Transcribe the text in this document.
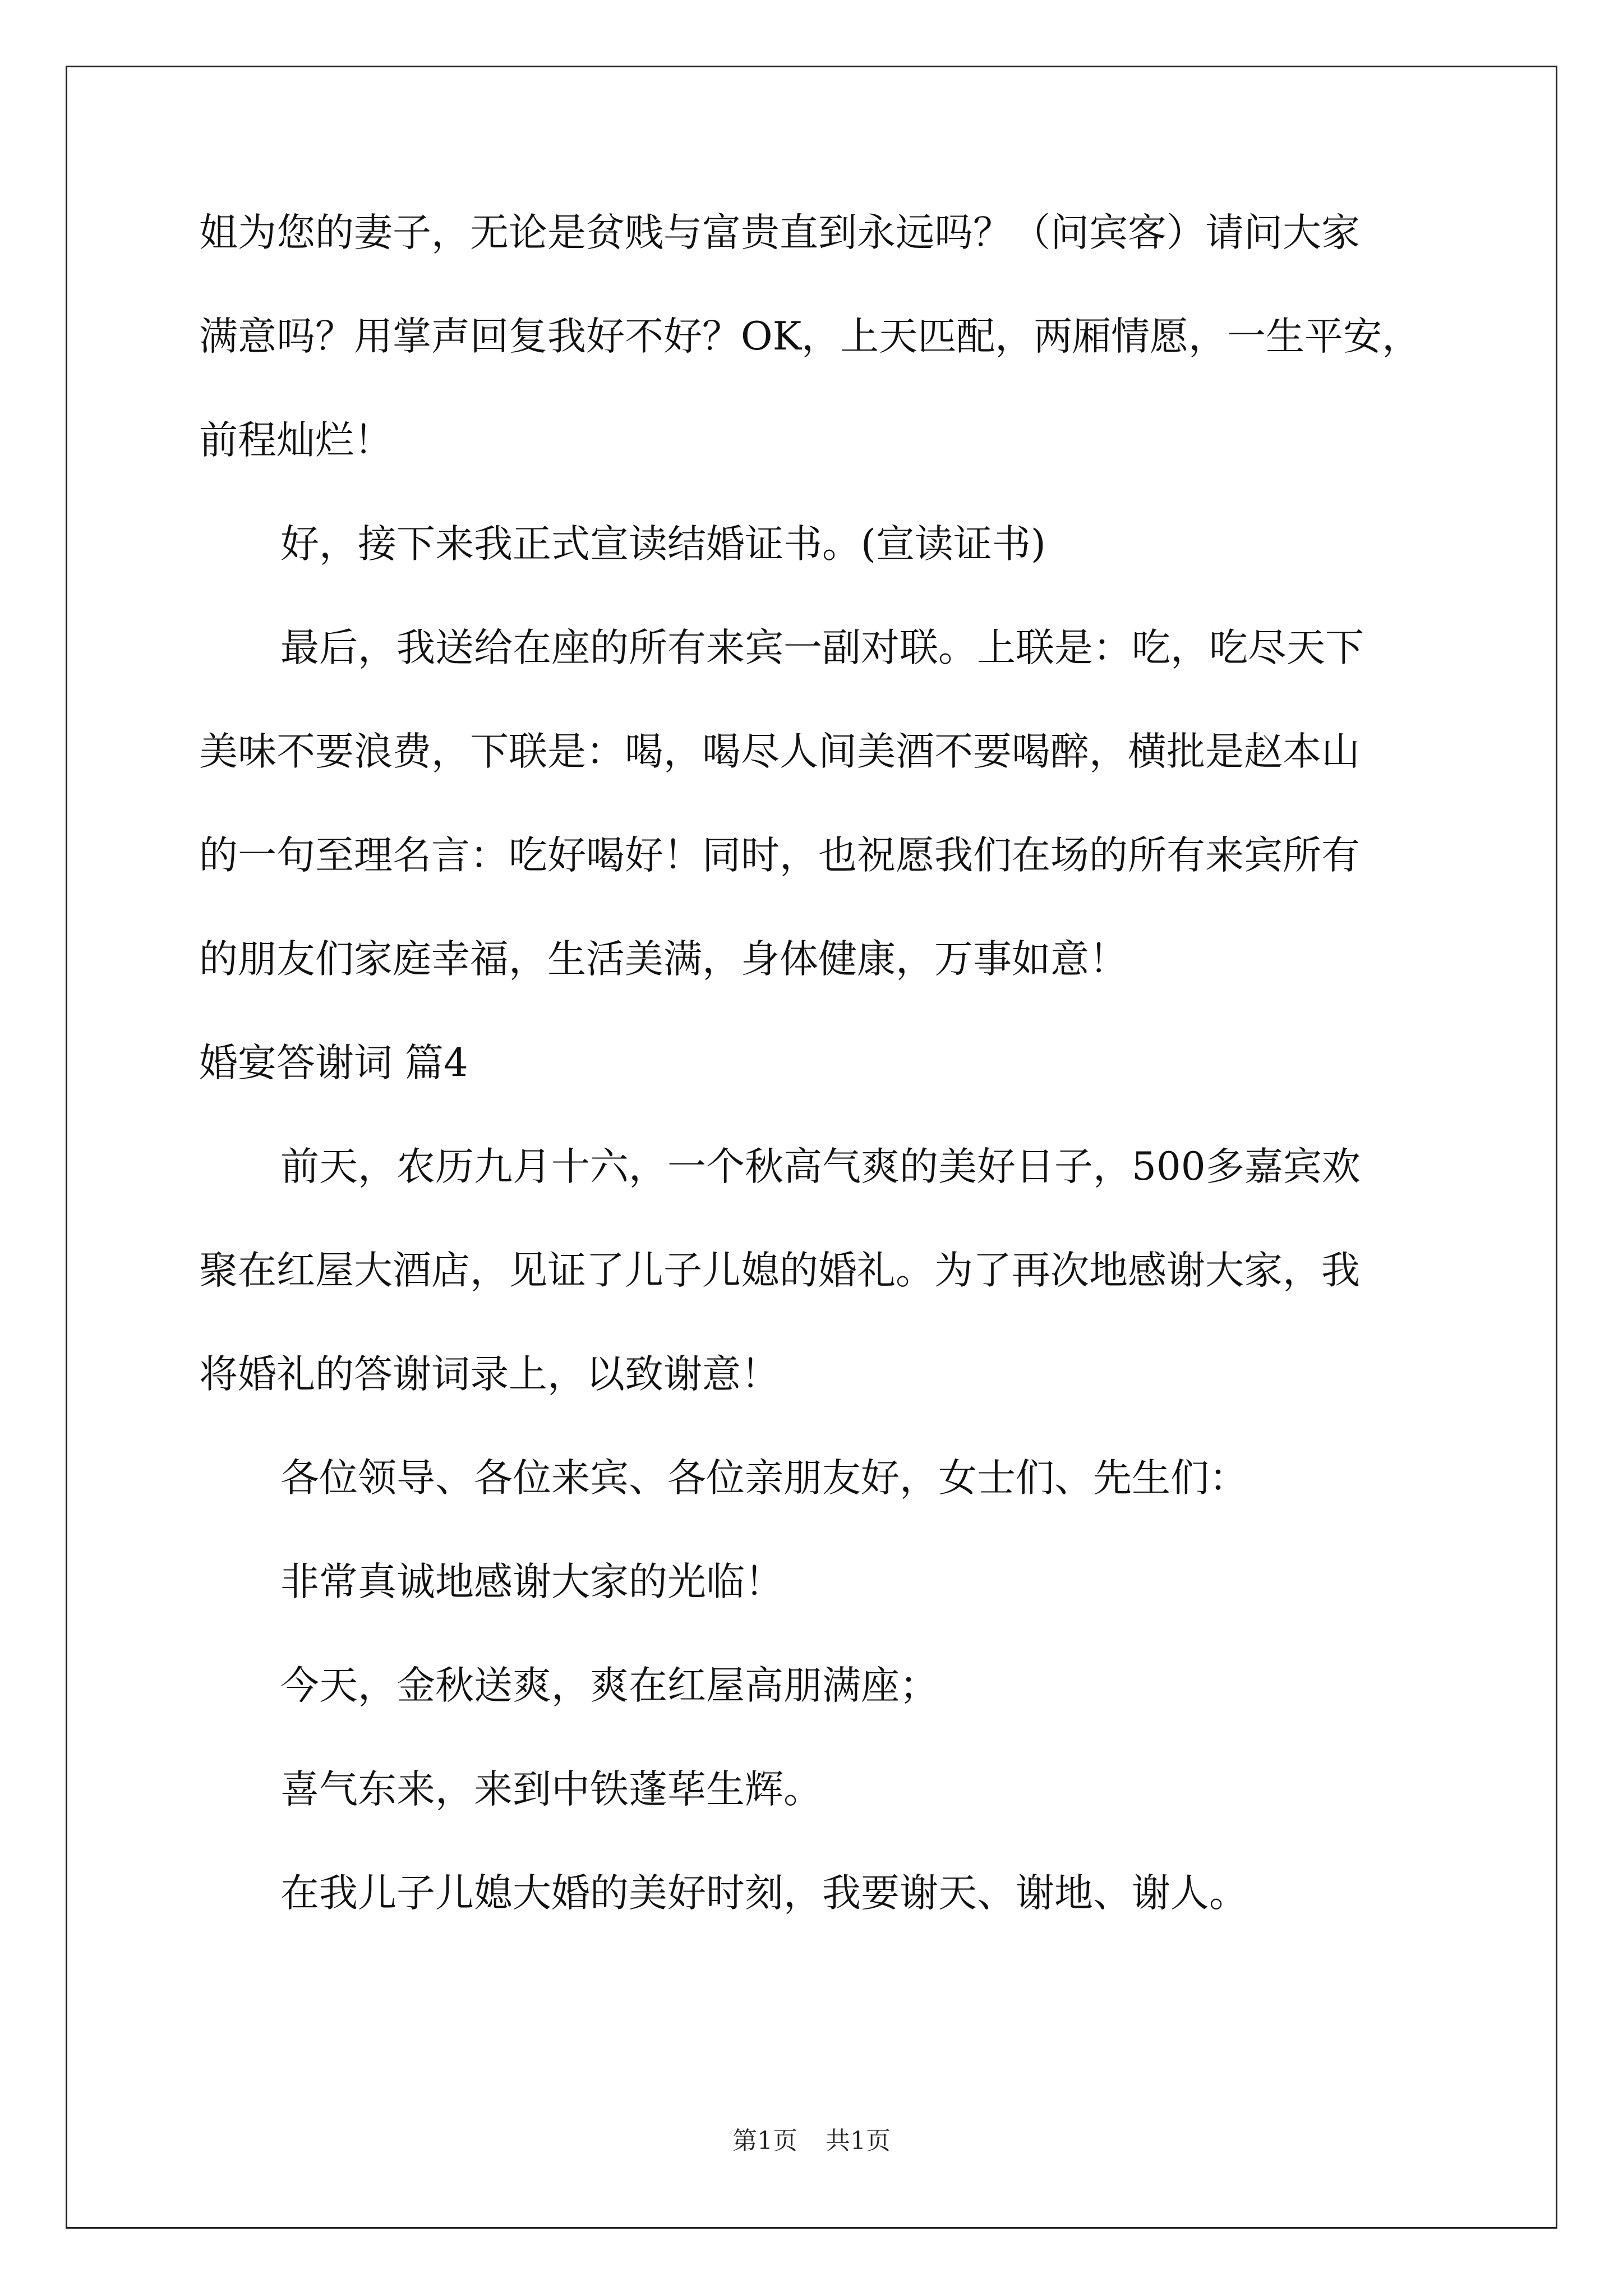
姐为您的妻子，无论是贫贱与富贵直到永远吗？（问宾客）请问大家
满意吗？用掌声回复我好不好？OK，上天匹配，两厢情愿，一生平安，
前程灿烂！
好，接下来我正式宣读结婚证书。(宣读证书)
最后，我送给在座的所有来宾一副对联。上联是：吃，吃尽天下
美味不要浪费，下联是：喝，喝尽人间美酒不要喝醉，横批是赵本山
的一句至理名言：吃好喝好！同时，也祝愿我们在场的所有来宾所有
的朋友们家庭幸福，生活美满，身体健康，万事如意！
婚宴答谢词 篇4
前天，农历九月十六，一个秋高气爽的美好日子，500多嘉宾欢
聚在红屋大酒店，见证了儿子儿媳的婚礼。为了再次地感谢大家，我
将婚礼的答谢词录上，以致谢意！
各位领导、各位来宾、各位亲朋友好，女士们、先生们：
非常真诚地感谢大家的光临！
今天，金秋送爽，爽在红屋高朋满座；
喜气东来，来到中铁蓬荜生辉。
在我儿子儿媳大婚的美好时刻，我要谢天、谢地、谢人。
第1页 共1页
